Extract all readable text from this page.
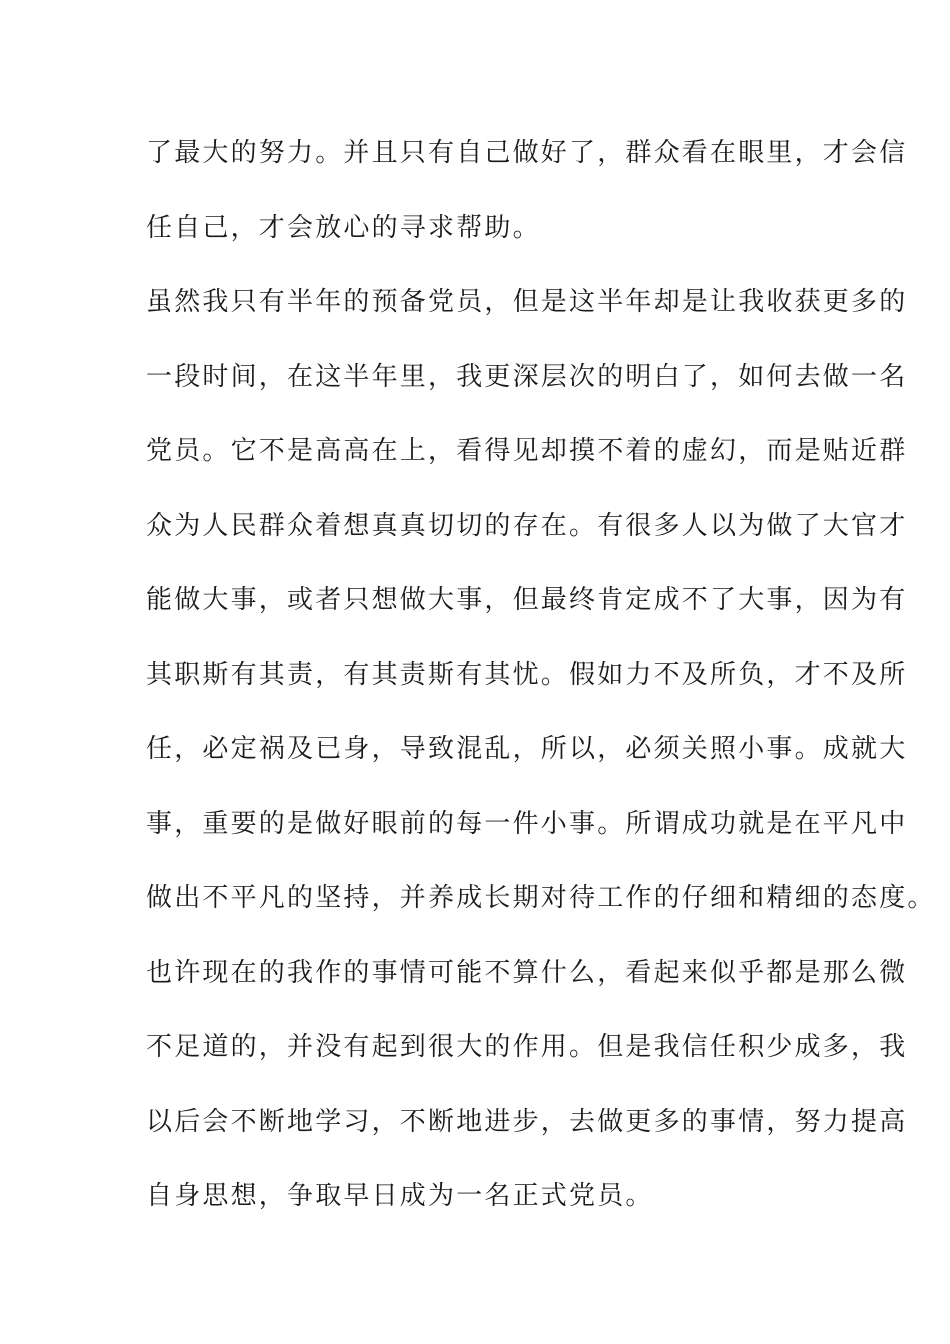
了最大的努力。并且只有自己做好了，群众看在眼里，才会信
任自己，才会放心的寻求帮助。
虽然我只有半年的预备党员，但是这半年却是让我收获更多的
一段时间，在这半年里，我更深层次的明白了，如何去做一名
党员。它不是高高在上，看得见却摸不着的虚幻，而是贴近群
众为人民群众着想真真切切的存在。有很多人以为做了大官才
能做大事，或者只想做大事，但最终肯定成不了大事，因为有
其职斯有其责，有其责斯有其忧。假如力不及所负，才不及所
任，必定祸及已身，导致混乱，所以，必须关照小事。成就大
事，重要的是做好眼前的每一件小事。所谓成功就是在平凡中
做出不平凡的坚持，并养成长期对待工作的仔细和精细的态度。
也许现在的我作的事情可能不算什么，看起来似乎都是那么微
不足道的，并没有起到很大的作用。但是我信任积少成多，我
以后会不断地学习，不断地进步，去做更多的事情，努力提高
自身思想，争取早日成为一名正式党员。
